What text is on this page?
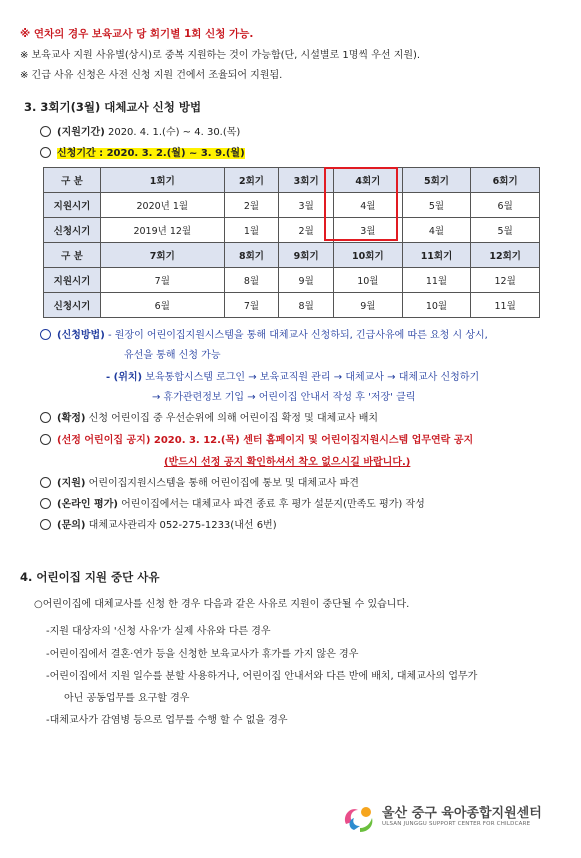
※ 연차의 경우 보육교사 당 회기별 1회 신청 가능.
※ 보육교사 지원 사유별(상시)로 중복 지원하는 것이 가능함(단, 시설별로 1명씩 우선 지원).
※ 긴급 사유 신청은 사전 신청 지원 건에서 조율되어 지원됨.
3. 3회기(3월) 대체교사 신청 방법
(지원기간) 2020. 4. 1.(수) ~ 4. 30.(목)
신청기간 : 2020. 3. 2.(월) ~ 3. 9.(월)
구 분	1회기	2회기	3회기	4회기	5회기	6회기
지원시기	2020년 1월	2월	3월	4월	5월	6월
신청시기	2019년 12월	1월	2월	3월	4월	5월
구 분	7회기	8회기	9회기	10회기	11회기	12회기
지원시기	7월	8월	9월	10월	11월	12월
신청시기	6월	7월	8월	9월	10월	11월
(신청방법) - 원장이 어린이집지원시스템을 통해 대체교사 신청하되, 긴급사유에 따른 요청 시 상시,
유선을 통해 신청 가능
- (위치) 보육통합시스템 로그인 → 보육교직원 관리 → 대체교사 → 대체교사 신청하기
→ 휴가관련정보 기입 → 어린이집 안내서 작성 후 '저장' 클릭
(확정) 신청 어린이집 중 우선순위에 의해 어린이집 확정 및 대체교사 배치
(선정 어린이집 공지) 2020. 3. 12.(목) 센터 홈페이지 및 어린이집지원시스템 업무연락 공지
(반드시 선정 공지 확인하셔서 착오 없으시길 바랍니다.)
(지원) 어린이집지원시스템을 통해 어린이집에 통보 및 대체교사 파견
(온라인 평가) 어린이집에서는 대체교사 파견 종료 후 평가 설문지(만족도 평가) 작성
(문의) 대체교사관리자 052-275-1233(내선 6번)
4. 어린이집 지원 중단 사유
○어린이집에 대체교사를 신청 한 경우 다음과 같은 사유로 지원이 중단될 수 있습니다.
-지원 대상자의 '신청 사유'가 실제 사유와 다른 경우
-어린이집에서 결혼·연가 등을 신청한 보육교사가 휴가를 가지 않은 경우
-어린이집에서 지원 일수를 분할 사용하거나, 어린이집 안내서와 다른 반에 배치, 대체교사의 업무가
아닌 공동업무를 요구할 경우
-대체교사가 감염병 등으로 업무를 수행 할 수 없을 경우
울산 중구 육아종합지원센터
ULSAN JUNGGU SUPPORT CENTER FOR CHILDCARE
